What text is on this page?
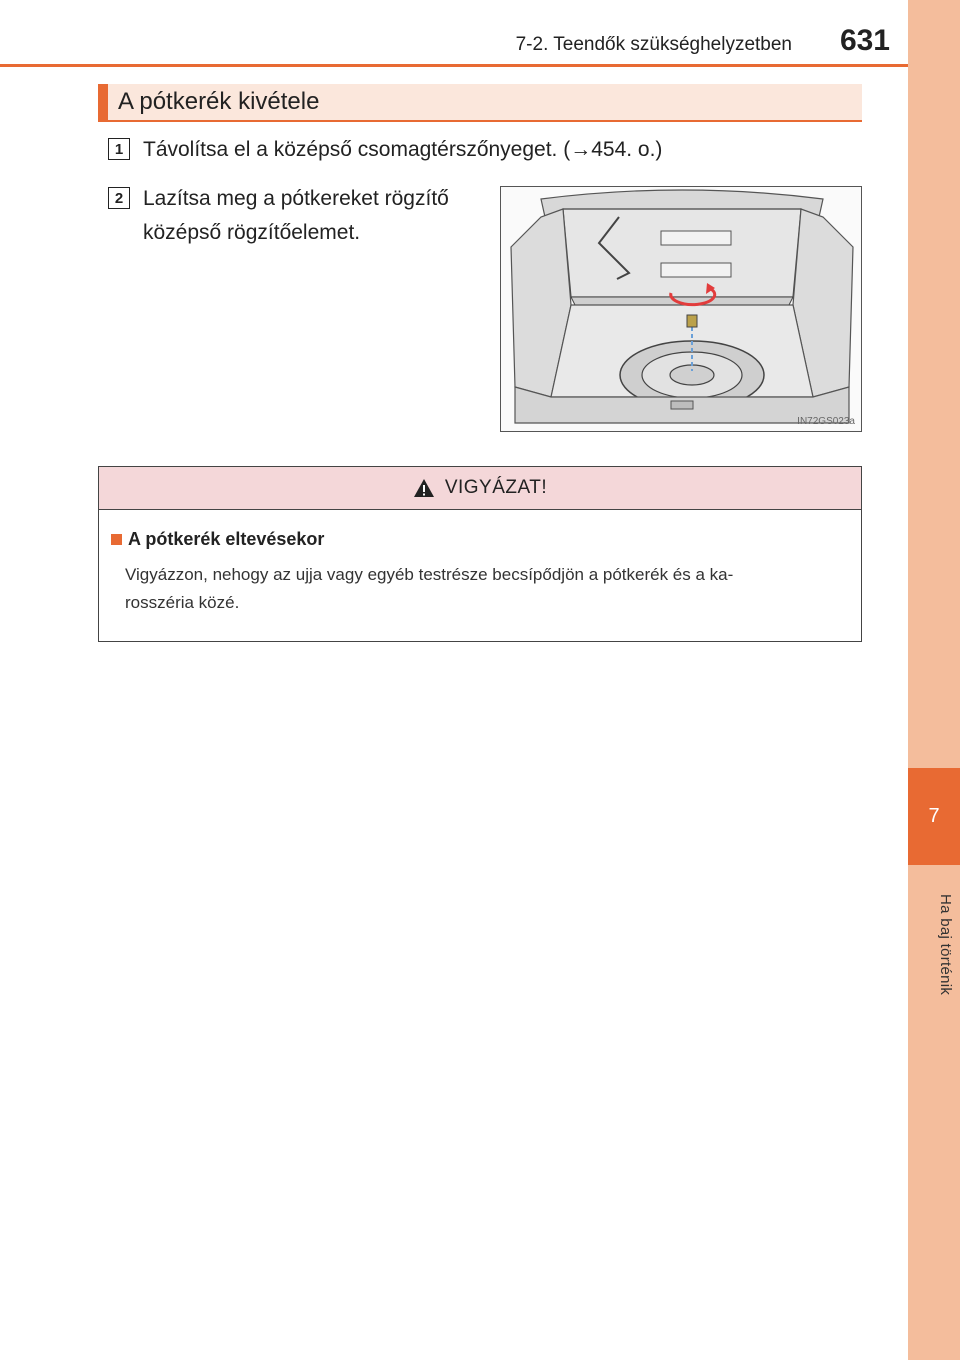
7
Ha baj történik
7-2. Teendők szükséghelyzetben	631
A pótkerék kivétele
1 Távolítsa el a középső csomagtérszőnyeget. (→454. o.)
2 Lazítsa meg a pótkereket rögzítő
középső rögzítőelemet.
IN72GS023a
VIGYÁZAT!
A pótkerék eltevésekor
Vigyázzon, nehogy az ujja vagy egyéb testrésze becsípődjön a pótkerék és a ka-
rosszéria közé.
